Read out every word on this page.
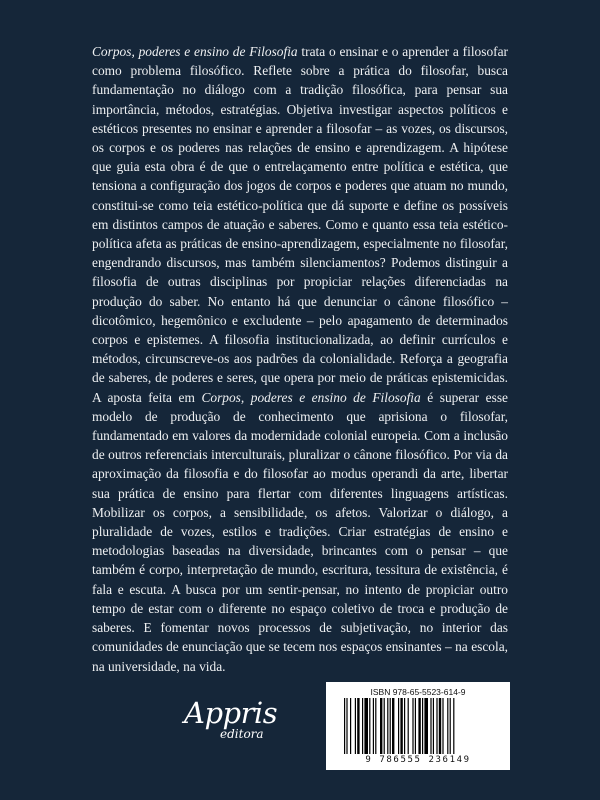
Corpos, poderes e ensino de Filosofia trata o ensinar e o aprender a filosofar como problema filosófico. Reflete sobre a prática do filosofar, busca fundamentação no diálogo com a tradição filosófica, para pensar sua importância, métodos, estratégias. Objetiva investigar aspectos políticos e estéticos presentes no ensinar e aprender a filosofar – as vozes, os discursos, os corpos e os poderes nas relações de ensino e aprendizagem. A hipótese que guia esta obra é de que o entrelaçamento entre política e estética, que tensiona a configuração dos jogos de corpos e poderes que atuam no mundo, constitui-se como teia estético-política que dá suporte e define os possíveis em distintos campos de atuação e saberes. Como e quanto essa teia estético-política afeta as práticas de ensino-aprendizagem, especialmente no filosofar, engendrando discursos, mas também silenciamentos? Podemos distinguir a filosofia de outras disciplinas por propiciar relações diferenciadas na produção do saber. No entanto há que denunciar o cânone filosófico – dicotômico, hegemônico e excludente – pelo apagamento de determinados corpos e epistemes. A filosofia institucionalizada, ao definir currículos e métodos, circunscreve-os aos padrões da colonialidade. Reforça a geografia de saberes, de poderes e seres, que opera por meio de práticas epistemicidas. A aposta feita em Corpos, poderes e ensino de Filosofia é superar esse modelo de produção de conhecimento que aprisiona o filosofar, fundamentado em valores da modernidade colonial europeia. Com a inclusão de outros referenciais interculturais, pluralizar o cânone filosófico. Por via da aproximação da filosofia e do filosofar ao modus operandi da arte, libertar sua prática de ensino para flertar com diferentes linguagens artísticas. Mobilizar os corpos, a sensibilidade, os afetos. Valorizar o diálogo, a pluralidade de vozes, estilos e tradições. Criar estratégias de ensino e metodologias baseadas na diversidade, brincantes com o pensar – que também é corpo, interpretação de mundo, escritura, tessitura de existência, é fala e escuta. A busca por um sentir-pensar, no intento de propiciar outro tempo de estar com o diferente no espaço coletivo de troca e produção de saberes. E fomentar novos processos de subjetivação, no interior das comunidades de enunciação que se tecem nos espaços ensinantes – na escola, na universidade, na vida.

Appris
editora
ISBN 978-65-5523-614-9
9 786555 236149
